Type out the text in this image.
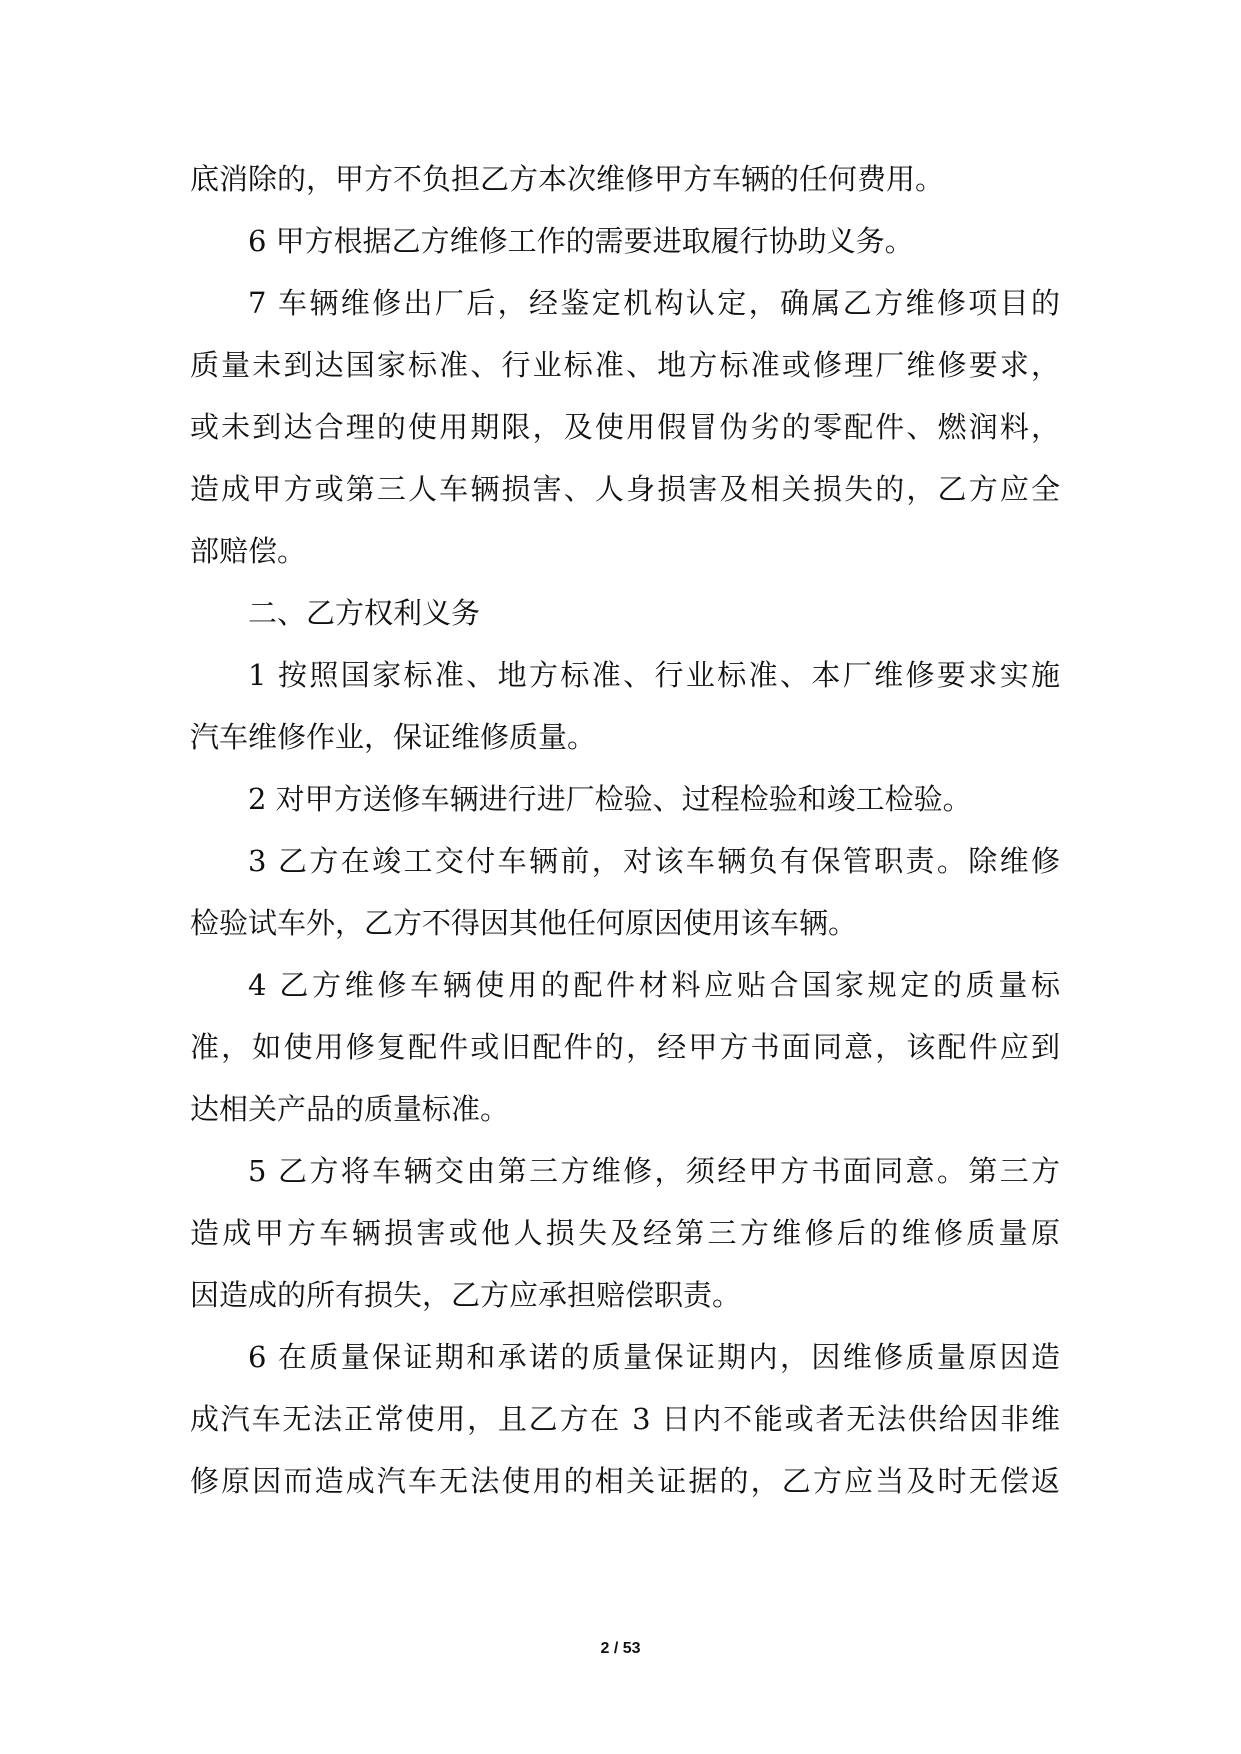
底消除的，甲方不负担乙方本次维修甲方车辆的任何费用。
6 甲方根据乙方维修工作的需要进取履行协助义务。
7 车辆维修出厂后，经鉴定机构认定，确属乙方维修项目的
质量未到达国家标准、行业标准、地方标准或修理厂维修要求，
或未到达合理的使用期限，及使用假冒伪劣的零配件、燃润料，
造成甲方或第三人车辆损害、人身损害及相关损失的，乙方应全
部赔偿。
二、乙方权利义务
1 按照国家标准、地方标准、行业标准、本厂维修要求实施
汽车维修作业，保证维修质量。
2 对甲方送修车辆进行进厂检验、过程检验和竣工检验。
3 乙方在竣工交付车辆前，对该车辆负有保管职责。除维修
检验试车外，乙方不得因其他任何原因使用该车辆。
4 乙方维修车辆使用的配件材料应贴合国家规定的质量标
准，如使用修复配件或旧配件的，经甲方书面同意，该配件应到
达相关产品的质量标准。
5 乙方将车辆交由第三方维修，须经甲方书面同意。第三方
造成甲方车辆损害或他人损失及经第三方维修后的维修质量原
因造成的所有损失，乙方应承担赔偿职责。
6 在质量保证期和承诺的质量保证期内，因维修质量原因造
成汽车无法正常使用，且乙方在 3 日内不能或者无法供给因非维
修原因而造成汽车无法使用的相关证据的，乙方应当及时无偿返
2 / 53
